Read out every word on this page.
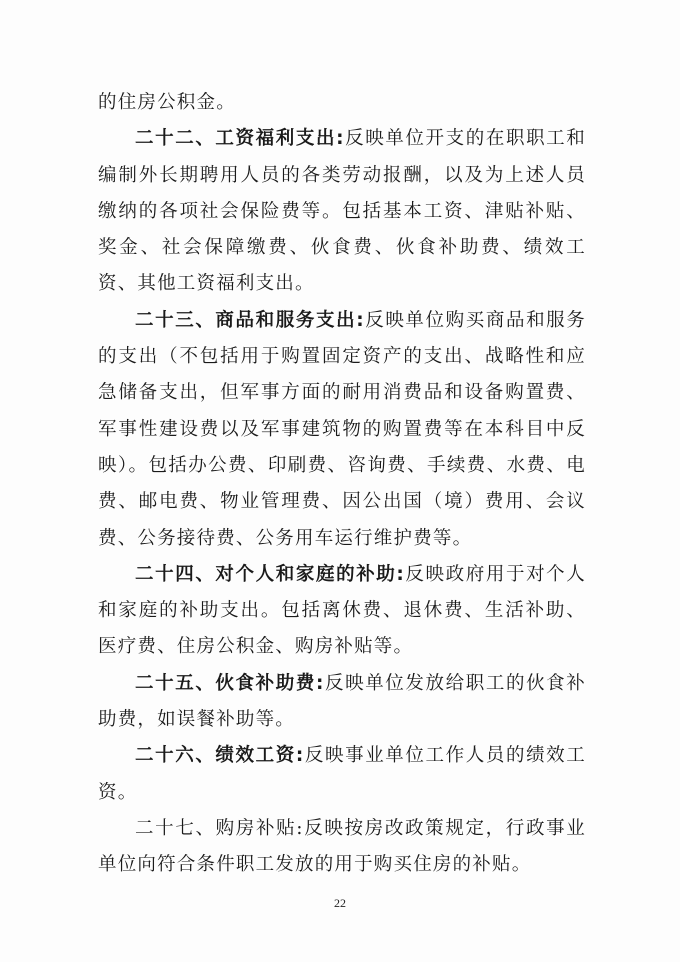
的住房公积金。

二十二、工资福利支出:反映单位开支的在职职工和编制外长期聘用人员的各类劳动报酬，以及为上述人员缴纳的各项社会保险费等。包括基本工资、津贴补贴、奖金、社会保障缴费、伙食费、伙食补助费、绩效工资、其他工资福利支出。

二十三、商品和服务支出:反映单位购买商品和服务的支出（不包括用于购置固定资产的支出、战略性和应急储备支出，但军事方面的耐用消费品和设备购置费、军事性建设费以及军事建筑物的购置费等在本科目中反映）。包括办公费、印刷费、咨询费、手续费、水费、电费、邮电费、物业管理费、因公出国（境）费用、会议费、公务接待费、公务用车运行维护费等。

二十四、对个人和家庭的补助:反映政府用于对个人和家庭的补助支出。包括离休费、退休费、生活补助、医疗费、住房公积金、购房补贴等。

二十五、伙食补助费:反映单位发放给职工的伙食补助费，如误餐补助等。

二十六、绩效工资:反映事业单位工作人员的绩效工资。

二十七、购房补贴:反映按房改政策规定，行政事业单位向符合条件职工发放的用于购买住房的补贴。

22
